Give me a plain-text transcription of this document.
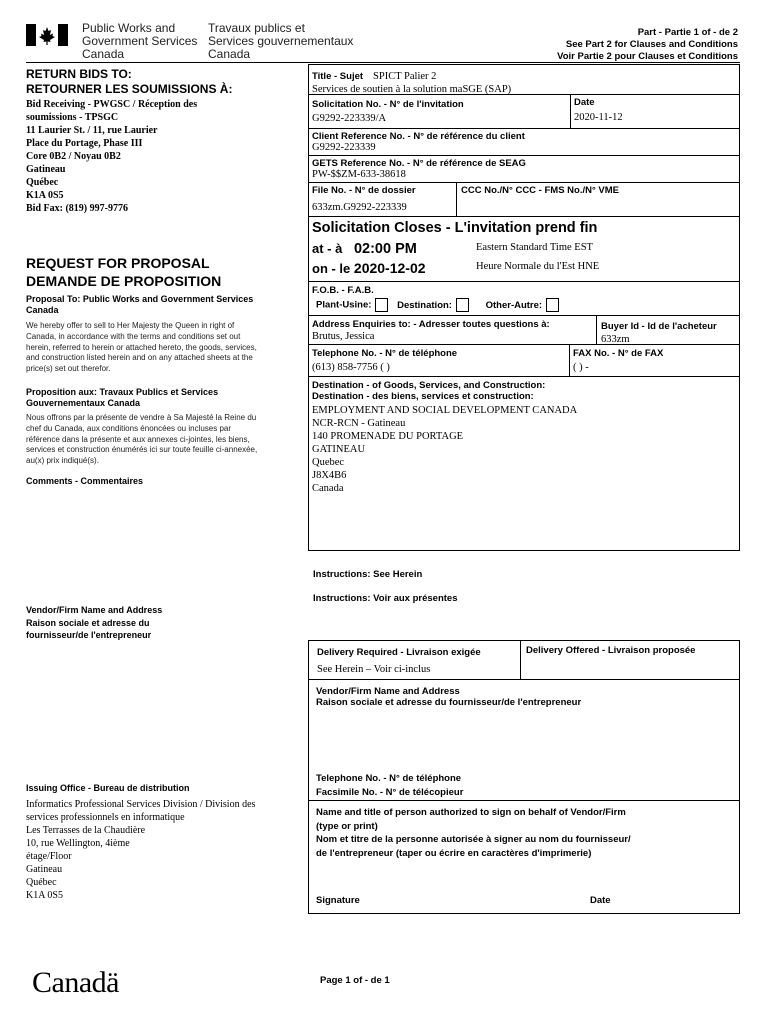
Public Works and
Government Services
Canada
Travaux publics et
Services gouvernementaux
Canada
Part - Partie 1 of - de 2
See Part 2 for Clauses and Conditions
Voir Partie 2 pour Clauses et Conditions
RETURN BIDS TO:
RETOURNER LES SOUMISSIONS À:
Bid Receiving - PWGSC / Réception des
soumissions - TPSGC
11 Laurier St. / 11, rue Laurier
Place du Portage, Phase III
Core 0B2 / Noyau 0B2
Gatineau
Québec
K1A 0S5
Bid Fax: (819) 997-9776
REQUEST FOR PROPOSAL
DEMANDE DE PROPOSITION
Proposal To: Public Works and Government Services Canada
We hereby offer to sell to Her Majesty the Queen in right of Canada, in accordance with the terms and conditions set out herein, referred to herein or attached hereto, the goods, services, and construction listed herein and on any attached sheets at the price(s) set out therefor.
Proposition aux: Travaux Publics et Services Gouvernementaux Canada
Nous offrons par la présente de vendre à Sa Majesté la Reine du chef du Canada, aux conditions énoncées ou incluses par référence dans la présente et aux annexes ci-jointes, les biens, services et construction énumérés ici sur toute feuille ci-annexée, au(x) prix indiqué(s).
Comments - Commentaires
Vendor/Firm Name and Address
Raison sociale et adresse du
fournisseur/de l'entrepreneur
Issuing Office - Bureau de distribution
Informatics Professional Services Division / Division des
services professionnels en informatique
Les Terrasses de la Chaudière
10, rue Wellington, 4ième
étage/Floor
Gatineau
Québec
K1A 0S5
Title - Sujet SPICT Palier 2
Services de soutien à la solution maSGE (SAP)
Solicitation No. - N° de l'invitation
G9292-223339/A
Date
2020-11-12
Client Reference No. - N° de référence du client
G9292-223339
GETS Reference No. - N° de référence de SEAG
PW-$$ZM-633-38618
File No. - N° de dossier
633zm.G9292-223339
CCC No./N° CCC - FMS No./N° VME
Solicitation Closes - L'invitation prend fin
at - à 02:00 PM
on - le 2020-12-02
Eastern Standard Time EST
Heure Normale du l'Est HNE
F.O.B. - F.A.B.
Plant-Usine:	Destination:	Other-Autre:
Address Enquiries to: - Adresser toutes questions à:
Brutus, Jessica
Buyer Id - Id de l'acheteur
633zm
Telephone No. - N° de téléphone
(613) 858-7756 ( )
FAX No. - N° de FAX
( ) -
Destination - of Goods, Services, and Construction:
Destination - des biens, services et construction:
EMPLOYMENT AND SOCIAL DEVELOPMENT CANADA
NCR-RCN - Gatineau
140 PROMENADE DU PORTAGE
GATINEAU
Quebec
J8X4B6
Canada
Instructions: See Herein
Instructions: Voir aux présentes
Delivery Required - Livraison exigée
See Herein – Voir ci-inclus
Delivery Offered - Livraison proposée
Vendor/Firm Name and Address
Raison sociale et adresse du fournisseur/de l'entrepreneur
Telephone No. - N° de téléphone
Facsimile No. - N° de télécopieur
Name and title of person authorized to sign on behalf of Vendor/Firm
(type or print)
Nom et titre de la personne autorisée à signer au nom du fournisseur/
de l'entrepreneur (taper ou écrire en caractères d'imprimerie)
Signature	Date
Canadä	Page 1 of - de 1
